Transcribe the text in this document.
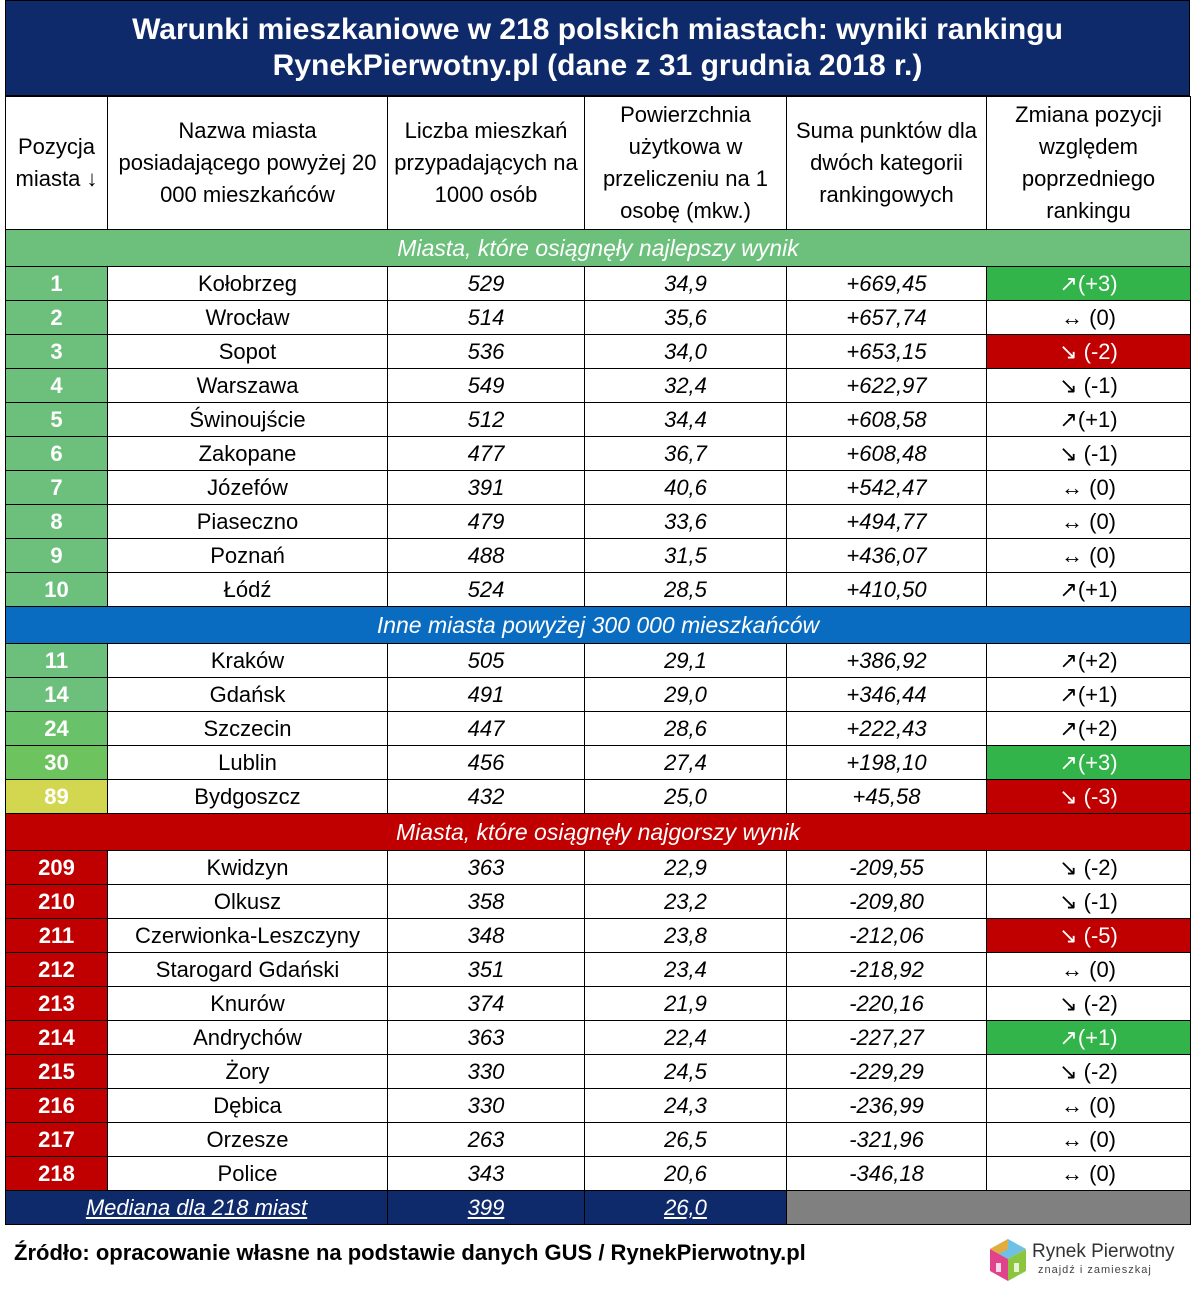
Warunki mieszkaniowe w 218 polskich miastach: wyniki rankingu
RynekPierwotny.pl (dane z 31 grudnia 2018 r.)
Pozycja miasta ↓	Nazwa miasta posiadającego powyżej 20 000 mieszkańców	Liczba mieszkań przypadających na 1000 osób	Powierzchnia użytkowa w przeliczeniu na 1 osobę (mkw.)	Suma punktów dla dwóch kategorii rankingowych	Zmiana pozycji względem poprzedniego rankingu
Miasta, które osiągnęły najlepszy wynik					
1	Kołobrzeg	529	34,9	+669,45	↗(+3)
2	Wrocław	514	35,6	+657,74	↔ (0)
3	Sopot	536	34,0	+653,15	↘ (-2)
4	Warszawa	549	32,4	+622,97	↘ (-1)
5	Świnoujście	512	34,4	+608,58	↗(+1)
6	Zakopane	477	36,7	+608,48	↘ (-1)
7	Józefów	391	40,6	+542,47	↔ (0)
8	Piaseczno	479	33,6	+494,77	↔ (0)
9	Poznań	488	31,5	+436,07	↔ (0)
10	Łódź	524	28,5	+410,50	↗(+1)
Inne miasta powyżej 300 000 mieszkańców					
11	Kraków	505	29,1	+386,92	↗(+2)
14	Gdańsk	491	29,0	+346,44	↗(+1)
24	Szczecin	447	28,6	+222,43	↗(+2)
30	Lublin	456	27,4	+198,10	↗(+3)
89	Bydgoszcz	432	25,0	+45,58	↘ (-3)
Miasta, które osiągnęły najgorszy wynik					
209	Kwidzyn	363	22,9	-209,55	↘ (-2)
210	Olkusz	358	23,2	-209,80	↘ (-1)
211	Czerwionka-Leszczyny	348	23,8	-212,06	↘ (-5)
212	Starogard Gdański	351	23,4	-218,92	↔ (0)
213	Knurów	374	21,9	-220,16	↘ (-2)
214	Andrychów	363	22,4	-227,27	↗(+1)
215	Żory	330	24,5	-229,29	↘ (-2)
216	Dębica	330	24,3	-236,99	↔ (0)
217	Orzesze	263	26,5	-321,96	↔ (0)
218	Police	343	20,6	-346,18	↔ (0)
Mediana dla 218 miast		399	26,0		
Źródło: opracowanie własne na podstawie danych GUS / RynekPierwotny.pl	Rynek Pierwotny
znajdź i zamieszkaj
